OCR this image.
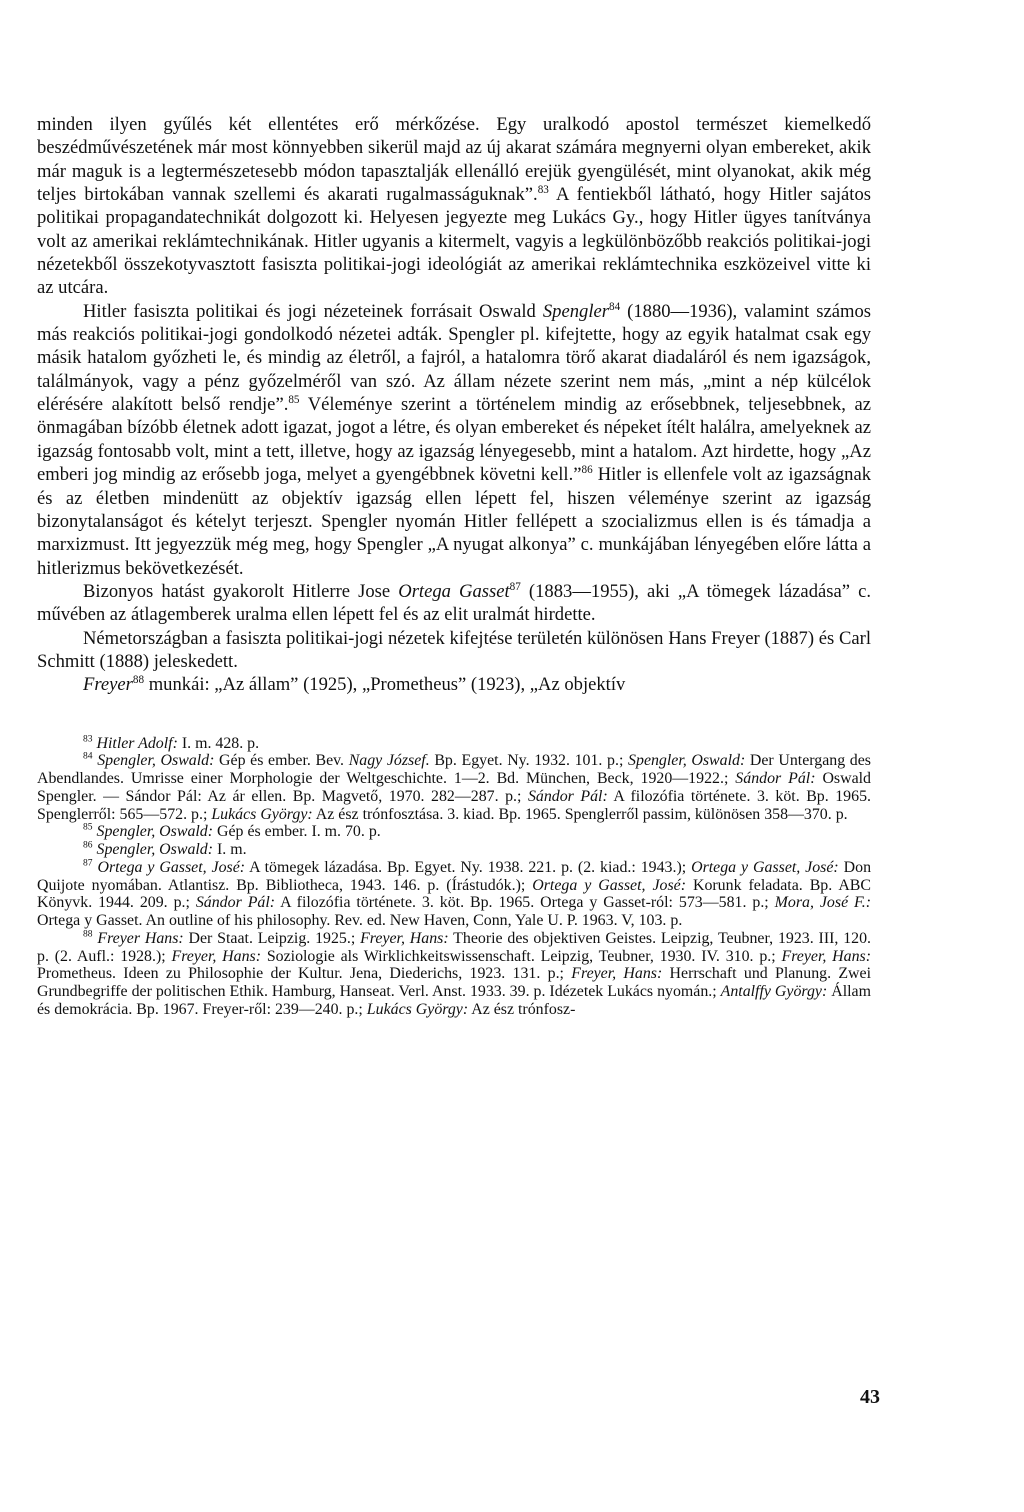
minden ilyen gyűlés két ellentétes erő mérkőzése. Egy uralkodó apostol természet kiemelkedő beszédművészetének már most könnyebben sikerül majd az új akarat számára megnyerni olyan embereket, akik már maguk is a legtermészetesebb módon tapasztalják ellenálló erejük gyengülését, mint olyanokat, akik még teljes birtokában vannak szellemi és akarati rugalmasságuknak”.$^{83}$ A fentiekből látható, hogy Hitler sajátos politikai propagandatechnikát dolgozott ki. Helyesen jegyezte meg Lukács Gy., hogy Hitler ügyes tanítványa volt az amerikai reklámtechnikának. Hitler ugyanis a kitermelt, vagyis a legkülönbözőbb reakciós politikai-jogi nézetekből összekotyvasztott fasiszta politikai-jogi ideológiát az amerikai reklámtechnika eszközeivel vitte ki az utcára.

Hitler fasiszta politikai és jogi nézeteinek forrásait Oswald Spengler$^{84}$ (1880—1936), valamint számos más reakciós politikai-jogi gondolkodó nézetei adták. Spengler pl. kifejtette, hogy az egyik hatalmat csak egy másik hatalom győzheti le, és mindig az életről, a fajról, a hatalomra törő akarat diadaláról és nem igazságok, találmányok, vagy a pénz győzelméről van szó. Az állam nézete szerint nem más, „mint a nép külcélok elérésére alakított belső rendje”.$^{85}$ Véleménye szerint a történelem mindig az erősebbnek, teljesebbnek, az önmagában bízóbb életnek adott igazat, jogot a létre, és olyan embereket és népeket ítélt halálra, amelyeknek az igazság fontosabb volt, mint a tett, illetve, hogy az igazság lényegesebb, mint a hatalom. Azt hirdette, hogy „Az emberi jog mindig az erősebb joga, melyet a gyengébbnek követni kell.”$^{86}$ Hitler is ellenfele volt az igazságnak és az életben mindenütt az objektív igazság ellen lépett fel, hiszen véleménye szerint az igazság bizonytalanságot és kételyt terjeszt. Spengler nyomán Hitler fellépett a szocializmus ellen is és támadja a marxizmust. Itt jegyezzük még meg, hogy Spengler „A nyugat alkonya” c. munkájában lényegében előre látta a hitlerizmus bekövetkezését.

Bizonyos hatást gyakorolt Hitlerre Jose Ortega Gasset$^{87}$ (1883—1955), aki „A tömegek lázadása” c. művében az átlagemberek uralma ellen lépett fel és az elit uralmát hirdette.

Németországban a fasiszta politikai-jogi nézetek kifejtése területén különösen Hans Freyer (1887) és Carl Schmitt (1888) jeleskedett.

Freyer$^{88}$ munkái: „Az állam” (1925), „Prometheus” (1923), „Az objektív

$^{83}$ Hitler Adolf: I. m. 428. p.

$^{84}$ Spengler, Oswald: Gép és ember. Bev. Nagy József. Bp. Egyet. Ny. 1932. 101. p.; Spengler, Oswald: Der Untergang des Abendlandes. Umrisse einer Morphologie der Weltgeschichte. 1—2. Bd. München, Beck, 1920—1922.; Sándor Pál: Oswald Spengler. — Sándor Pál: Az ár ellen. Bp. Magvető, 1970. 282—287. p.; Sándor Pál: A filozófia története. 3. köt. Bp. 1965. Spenglerről: 565—572. p.; Lukács György: Az ész trónfosztása. 3. kiad. Bp. 1965. Spenglerről passim, különösen 358—370. p.

$^{85}$ Spengler, Oswald: Gép és ember. I. m. 70. p.

$^{86}$ Spengler, Oswald: I. m.

$^{87}$ Ortega y Gasset, José: A tömegek lázadása. Bp. Egyet. Ny. 1938. 221. p. (2. kiad.: 1943.); Ortega y Gasset, José: Don Quijote nyomában. Atlantisz. Bp. Bibliotheca, 1943. 146. p. (Írástudók.); Ortega y Gasset, José: Korunk feladata. Bp. ABC Könyvk. 1944. 209. p.; Sándor Pál: A filozófia története. 3. köt. Bp. 1965. Ortega y Gasset-ról: 573—581. p.; Mora, José F.: Ortega y Gasset. An outline of his philosophy. Rev. ed. New Haven, Conn, Yale U. P. 1963. V, 103. p.

$^{88}$ Freyer Hans: Der Staat. Leipzig. 1925.; Freyer, Hans: Theorie des objektiven Geistes. Leipzig, Teubner, 1923. III, 120. p. (2. Aufl.: 1928.); Freyer, Hans: Soziologie als Wirklichkeitswissenschaft. Leipzig, Teubner, 1930. IV. 310. p.; Freyer, Hans: Prometheus. Ideen zu Philosophie der Kultur. Jena, Diederichs, 1923. 131. p.; Freyer, Hans: Herrschaft und Planung. Zwei Grundbegriffe der politischen Ethik. Hamburg, Hanseat. Verl. Anst. 1933. 39. p. Idézetek Lukács nyomán.; Antalffy György: Állam és demokrácia. Bp. 1967. Freyer-ről: 239—240. p.; Lukács György: Az ész trónfosz-

43
